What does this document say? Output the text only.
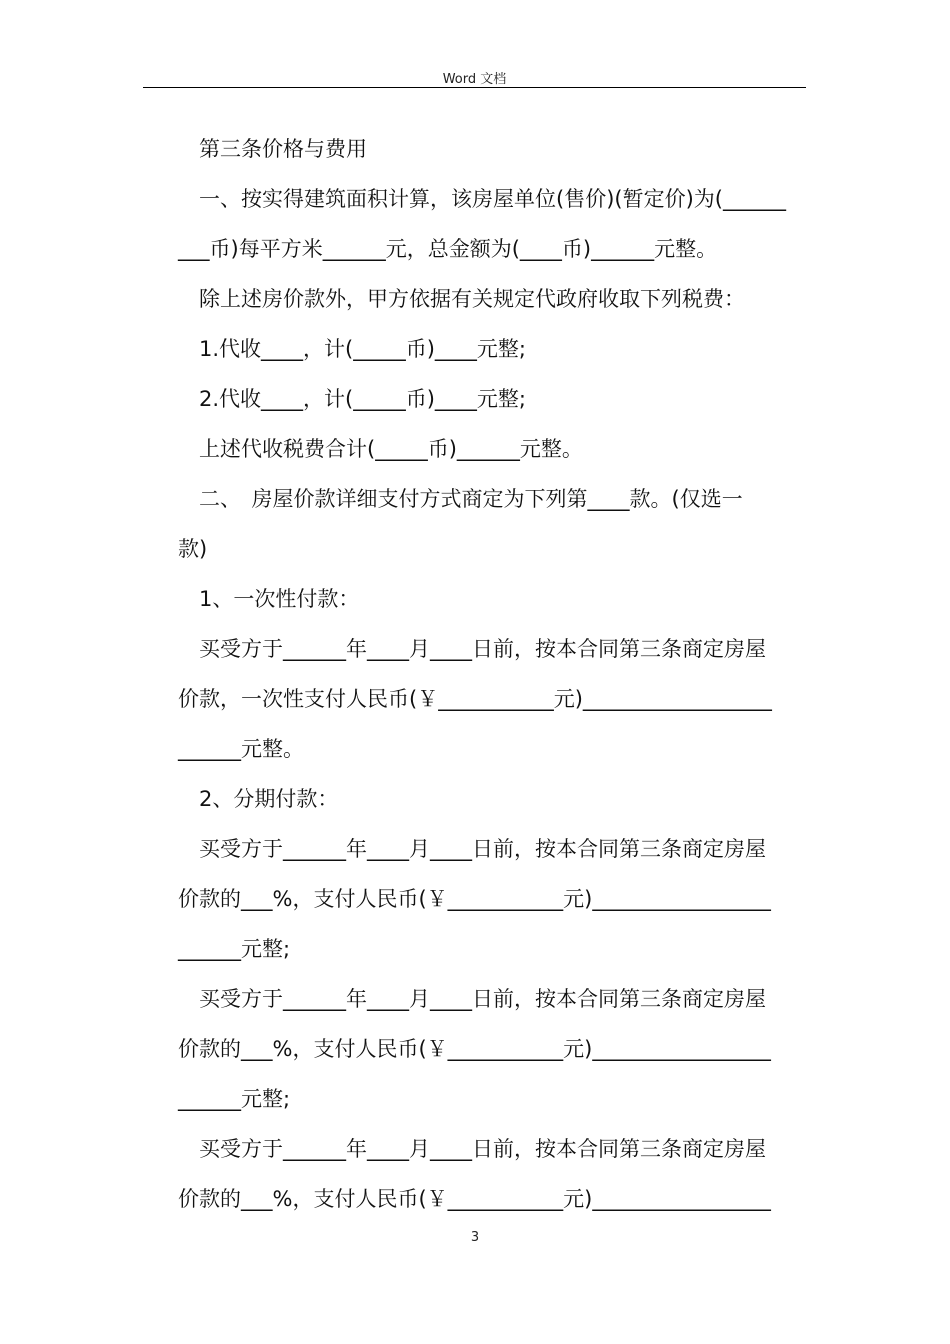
Word 文档

第三条价格与费用

一、按实得建筑面积计算，该房屋单位(售价)(暂定价)为(______

___币)每平方米______元，总金额为(____币)______元整。

除上述房价款外，甲方依据有关规定代政府收取下列税费：

1.代收____，计(_____币)____元整;

2.代收____，计(_____币)____元整;

上述代收税费合计(_____币)______元整。

二、　房屋价款详细支付方式商定为下列第____款。(仅选一

款)

1、一次性付款：

买受方于______年____月____日前，按本合同第三条商定房屋

价款，一次性支付人民币(￥___________元)__________________

______元整。

2、分期付款：

买受方于______年____月____日前，按本合同第三条商定房屋

价款的___%，支付人民币(￥___________元)_________________

______元整;

买受方于______年____月____日前，按本合同第三条商定房屋

价款的___%，支付人民币(￥___________元)_________________

______元整;

买受方于______年____月____日前，按本合同第三条商定房屋

价款的___%，支付人民币(￥___________元)_________________

3
